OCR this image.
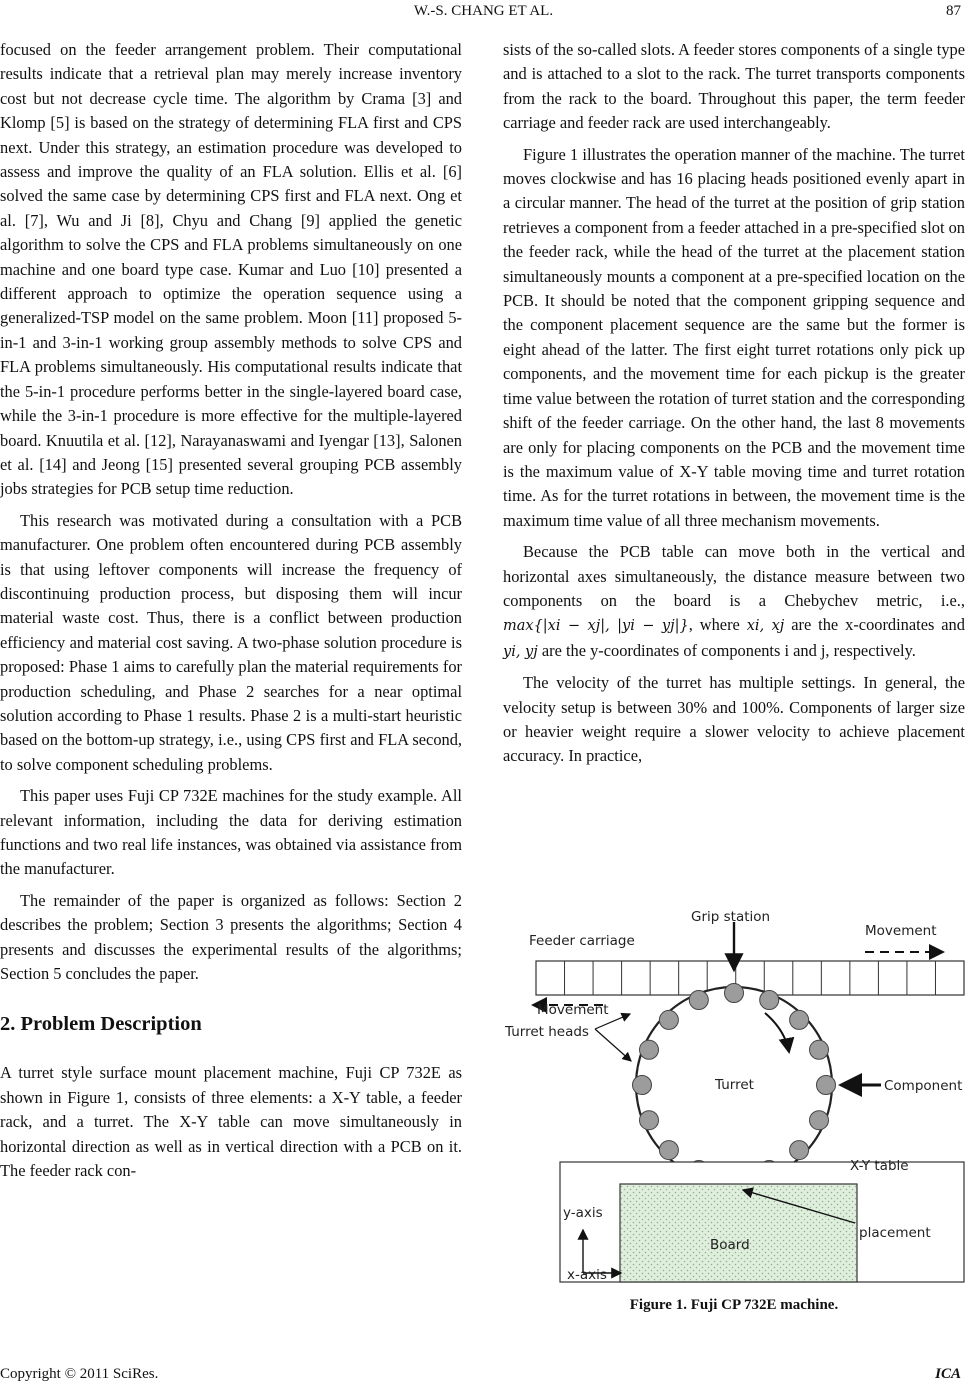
W.-S. CHANG ET AL.	87

focused on the feeder arrangement problem. Their computational results indicate that a retrieval plan may merely increase inventory cost but not decrease cycle time. The algorithm by Crama [3] and Klomp [5] is based on the strategy of determining FLA first and CPS next. Under this strategy, an estimation procedure was developed to assess and improve the quality of an FLA solution. Ellis et al. [6] solved the same case by determining CPS first and FLA next. Ong et al. [7], Wu and Ji [8], Chyu and Chang [9] applied the genetic algorithm to solve the CPS and FLA problems simultaneously on one machine and one board type case. Kumar and Luo [10] presented a different approach to optimize the operation sequence using a generalized-TSP model on the same problem. Moon [11] proposed 5-in-1 and 3-in-1 working group assembly methods to solve CPS and FLA problems simultaneously. His computational results indicate that the 5-in-1 procedure performs better in the single-layered board case, while the 3-in-1 procedure is more effective for the multiple-layered board. Knuutila et al. [12], Narayanaswami and Iyengar [13], Salonen et al. [14] and Jeong [15] presented several grouping PCB assembly jobs strategies for PCB setup time reduction.

This research was motivated during a consultation with a PCB manufacturer. One problem often encountered during PCB assembly is that using leftover components will increase the frequency of discontinuing production process, but disposing them will incur material waste cost. Thus, there is a conflict between production efficiency and material cost saving. A two-phase solution procedure is proposed: Phase 1 aims to carefully plan the material requirements for production scheduling, and Phase 2 searches for a near optimal solution according to Phase 1 results. Phase 2 is a multi-start heuristic based on the bottom-up strategy, i.e., using CPS first and FLA second, to solve component scheduling problems.

This paper uses Fuji CP 732E machines for the study example. All relevant information, including the data for deriving estimation functions and two real life instances, was obtained via assistance from the manufacturer.

The remainder of the paper is organized as follows: Section 2 describes the problem; Section 3 presents the algorithms; Section 4 presents and discusses the experimental results of the algorithms; Section 5 concludes the paper.

2. Problem Description

A turret style surface mount placement machine, Fuji CP 732E as shown in Figure 1, consists of three elements: a X-Y table, a feeder rack, and a turret. The X-Y table can move simultaneously in horizontal direction as well as in vertical direction with a PCB on it. The feeder rack con-

sists of the so-called slots. A feeder stores components of a single type and is attached to a slot to the rack. The turret transports components from the rack to the board. Throughout this paper, the term feeder carriage and feeder rack are used interchangeably.

Figure 1 illustrates the operation manner of the machine. The turret moves clockwise and has 16 placing heads positioned evenly apart in a circular manner. The head of the turret at the position of grip station retrieves a component from a feeder attached in a pre-specified slot on the feeder rack, while the head of the turret at the placement station simultaneously mounts a component at a pre-specified location on the PCB. It should be noted that the component gripping sequence and the component placement sequence are the same but the former is eight ahead of the latter. The first eight turret rotations only pick up components, and the movement time for each pickup is the greater time value between the rotation of turret station and the corresponding shift of the feeder carriage. On the other hand, the last 8 movements are only for placing components on the PCB and the movement time is the maximum value of X-Y table moving time and turret rotation time. As for the turret rotations in between, the movement time is the maximum time value of all three mechanism movements.

Because the PCB table can move both in the vertical and horizontal axes simultaneously, the distance measure between two components on the board is a Chebychev metric, i.e., max{|xi − xj|, |yi − yj|}, where xi, xj are the x-coordinates and yi, yj are the y-coordinates of components i and j, respectively.

The velocity of the turret has multiple settings. In general, the velocity setup is between 30% and 100%. Components of larger size or heavier weight require a slower velocity to achieve placement accuracy. In practice,

Grip station
Feeder carriage
Movement
Movement
Turret heads
Turret	Component
X-Y table
y-axis
Board
placement
x-axis
Figure 1. Fuji CP 732E machine.
Copyright © 2011 SciRes.	ICA
